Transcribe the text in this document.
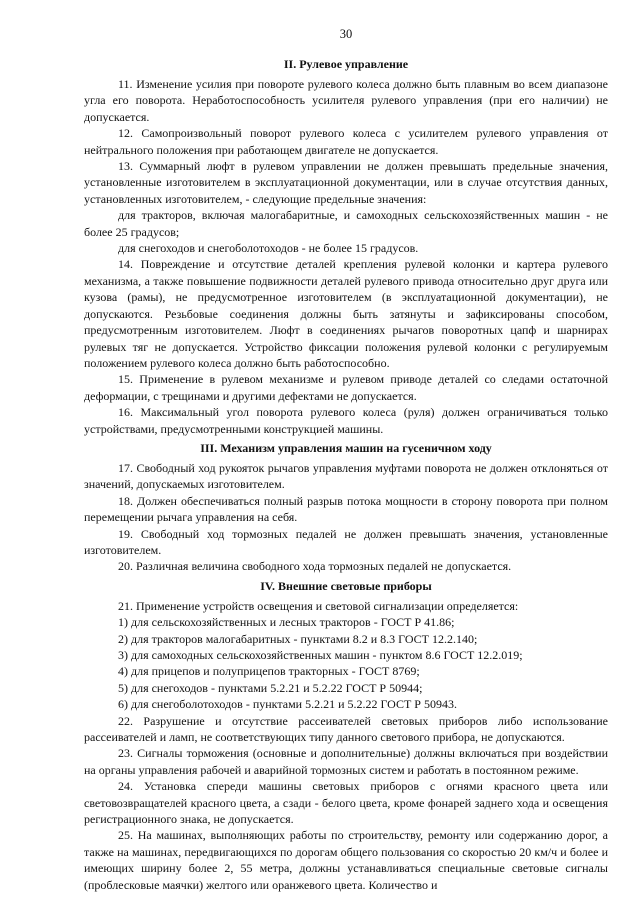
30
II. Рулевое управление

11. Изменение усилия при повороте рулевого колеса должно быть плавным во всем диапазоне угла его поворота. Неработоспособность усилителя рулевого управления (при его наличии) не допускается.

12. Самопроизвольный поворот рулевого колеса с усилителем рулевого управления от нейтрального положения при работающем двигателе не допускается.

13. Суммарный люфт в рулевом управлении не должен превышать предельные значения, установленные изготовителем в эксплуатационной документации, или в случае отсутствия данных, установленных изготовителем, - следующие предельные значения:

для тракторов, включая малогабаритные, и самоходных сельскохозяйственных машин - не более 25 градусов;

для снегоходов и снегоболотоходов - не более 15 градусов.

14. Повреждение и отсутствие деталей крепления рулевой колонки и картера рулевого механизма, а также повышение подвижности деталей рулевого привода относительно друг друга или кузова (рамы), не предусмотренное изготовителем (в эксплуатационной документации), не допускаются. Резьбовые соединения должны быть затянуты и зафиксированы способом, предусмотренным изготовителем. Люфт в соединениях рычагов поворотных цапф и шарнирах рулевых тяг не допускается. Устройство фиксации положения рулевой колонки с регулируемым положением рулевого колеса должно быть работоспособно.

15. Применение в рулевом механизме и рулевом приводе деталей со следами остаточной деформации, с трещинами и другими дефектами не допускается.

16. Максимальный угол поворота рулевого колеса (руля) должен ограничиваться только устройствами, предусмотренными конструкцией машины.

III. Механизм управления машин на гусеничном ходу

17. Свободный ход рукояток рычагов управления муфтами поворота не должен отклоняться от значений, допускаемых изготовителем.

18. Должен обеспечиваться полный разрыв потока мощности в сторону поворота при полном перемещении рычага управления на себя.

19. Свободный ход тормозных педалей не должен превышать значения, установленные изготовителем.

20. Различная величина свободного хода тормозных педалей не допускается.

IV. Внешние световые приборы

21. Применение устройств освещения и световой сигнализации определяется:

1) для сельскохозяйственных и лесных тракторов - ГОСТ Р 41.86;

2) для тракторов малогабаритных - пунктами 8.2 и 8.3 ГОСТ 12.2.140;

3) для самоходных сельскохозяйственных машин - пунктом 8.6 ГОСТ 12.2.019;

4) для прицепов и полуприцепов тракторных - ГОСТ 8769;

5) для снегоходов - пунктами 5.2.21 и 5.2.22 ГОСТ Р 50944;

6) для снегоболотоходов - пунктами 5.2.21 и 5.2.22 ГОСТ Р 50943.

22. Разрушение и отсутствие рассеивателей световых приборов либо использование рассеивателей и ламп, не соответствующих типу данного светового прибора, не допускаются.

23. Сигналы торможения (основные и дополнительные) должны включаться при воздействии на органы управления рабочей и аварийной тормозных систем и работать в постоянном режиме.

24. Установка спереди машины световых приборов с огнями красного цвета или световозвращателей красного цвета, а сзади - белого цвета, кроме фонарей заднего хода и освещения регистрационного знака, не допускается.

25. На машинах, выполняющих работы по строительству, ремонту или содержанию дорог, а также на машинах, передвигающихся по дорогам общего пользования со скоростью 20 км/ч и более и имеющих ширину более 2, 55 метра, должны устанавливаться специальные световые сигналы (проблесковые маячки) желтого или оранжевого цвета. Количество и
